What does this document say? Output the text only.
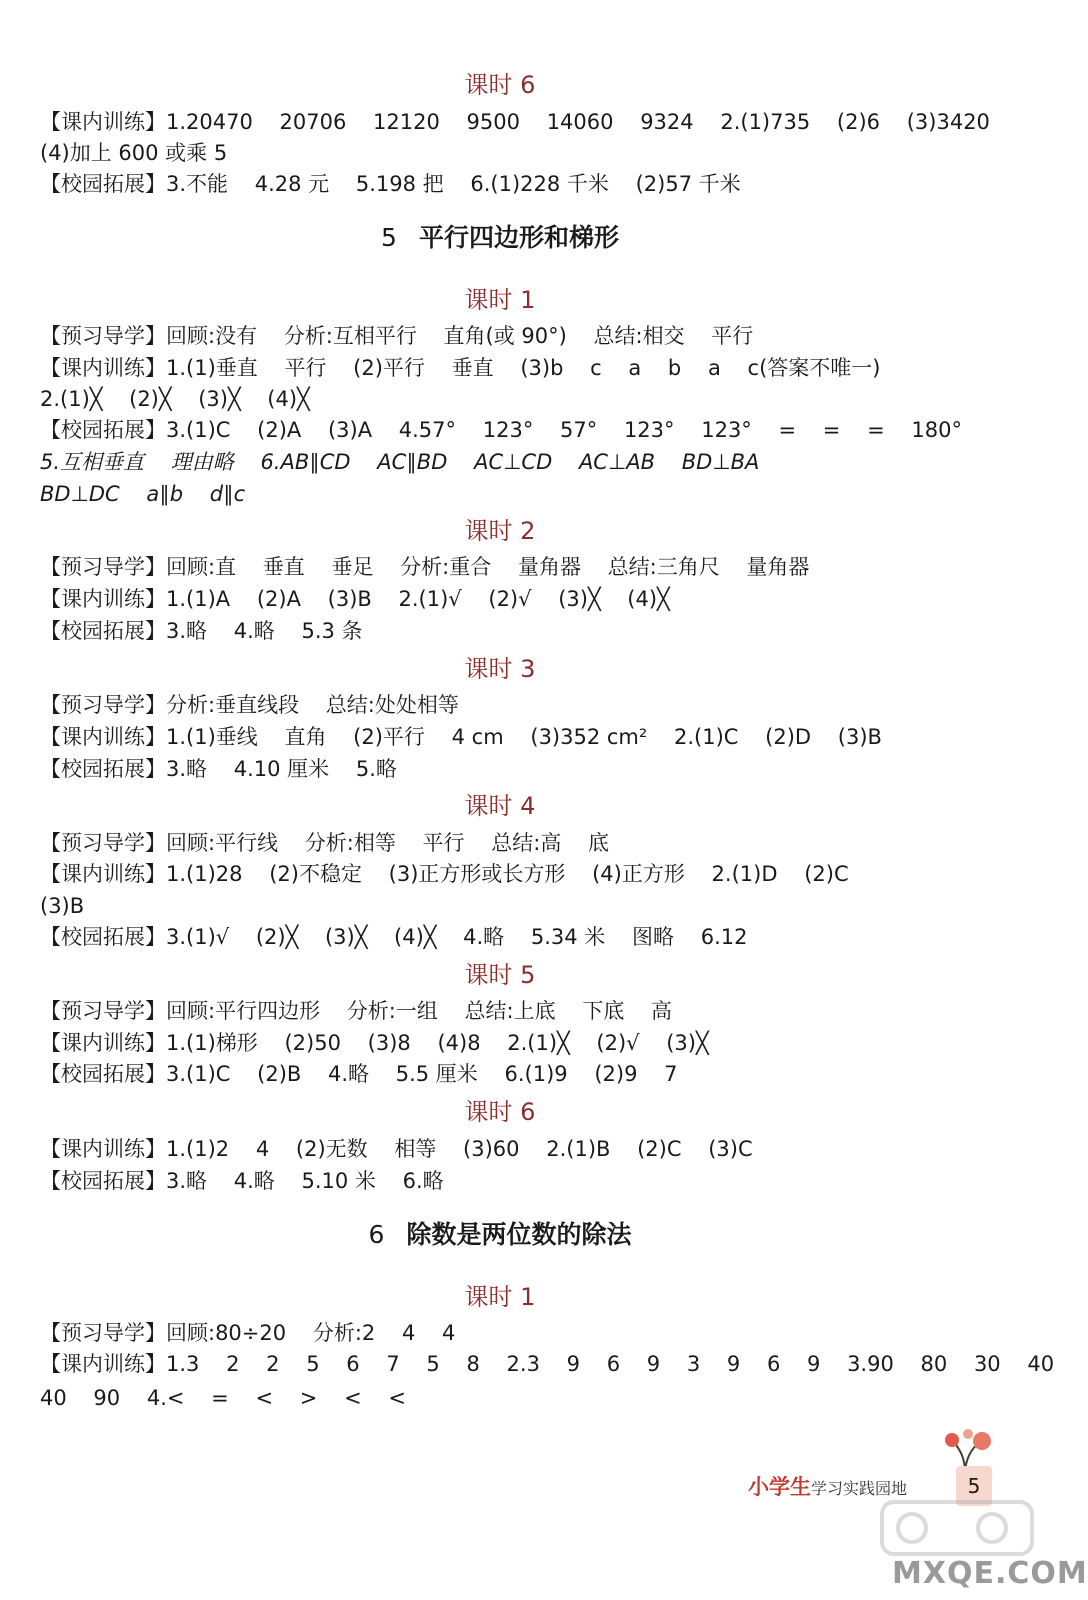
课时 6
【课内训练】1.20470    20706    12120    9500    14060    9324    2.(1)735    (2)6    (3)3420
(4)加上 600 或乘 5
【校园拓展】3.不能    4.28 元    5.198 把    6.(1)228 千米    (2)57 千米
5 平行四边形和梯形
课时 1
【预习导学】回顾:没有    分析:互相平行    直角(或 90°)    总结:相交    平行
【课内训练】1.(1)垂直    平行    (2)平行    垂直    (3)b    c    a    b    a    c(答案不唯一)
2.(1)╳    (2)╳    (3)╳    (4)╳
【校园拓展】3.(1)C    (2)A    (3)A    4.57°    123°    57°    123°    123°    =    =    =    180°
5.互相垂直    理由略    6.AB∥CD    AC∥BD    AC⊥CD    AC⊥AB    BD⊥BA
BD⊥DC    a∥b    d∥c
课时 2
【预习导学】回顾:直    垂直    垂足    分析:重合    量角器    总结:三角尺    量角器
【课内训练】1.(1)A    (2)A    (3)B    2.(1)√    (2)√    (3)╳    (4)╳
【校园拓展】3.略    4.略    5.3 条
课时 3
【预习导学】分析:垂直线段    总结:处处相等
【课内训练】1.(1)垂线    直角    (2)平行    4 cm    (3)352 cm²    2.(1)C    (2)D    (3)B
【校园拓展】3.略    4.10 厘米    5.略
课时 4
【预习导学】回顾:平行线    分析:相等    平行    总结:高    底
【课内训练】1.(1)28    (2)不稳定    (3)正方形或长方形    (4)正方形    2.(1)D    (2)C
(3)B
【校园拓展】3.(1)√    (2)╳    (3)╳    (4)╳    4.略    5.34 米    图略    6.12
课时 5
【预习导学】回顾:平行四边形    分析:一组    总结:上底    下底    高
【课内训练】1.(1)梯形    (2)50    (3)8    (4)8    2.(1)╳    (2)√    (3)╳
【校园拓展】3.(1)C    (2)B    4.略    5.5 厘米    6.(1)9    (2)9    7
课时 6
【课内训练】1.(1)2    4    (2)无数    相等    (3)60    2.(1)B    (2)C    (3)C
【校园拓展】3.略    4.略    5.10 米    6.略
6 除数是两位数的除法
课时 1
【预习导学】回顾:80÷20    分析:2    4    4
【课内训练】1.3    2    2    5    6    7    5    8    2.3    9    6    9    3    9    6    9    3.90    80    30    40
40    90    4.<    =    <    >    <    <
小学生学习实践园地	5
MXQE.COM
